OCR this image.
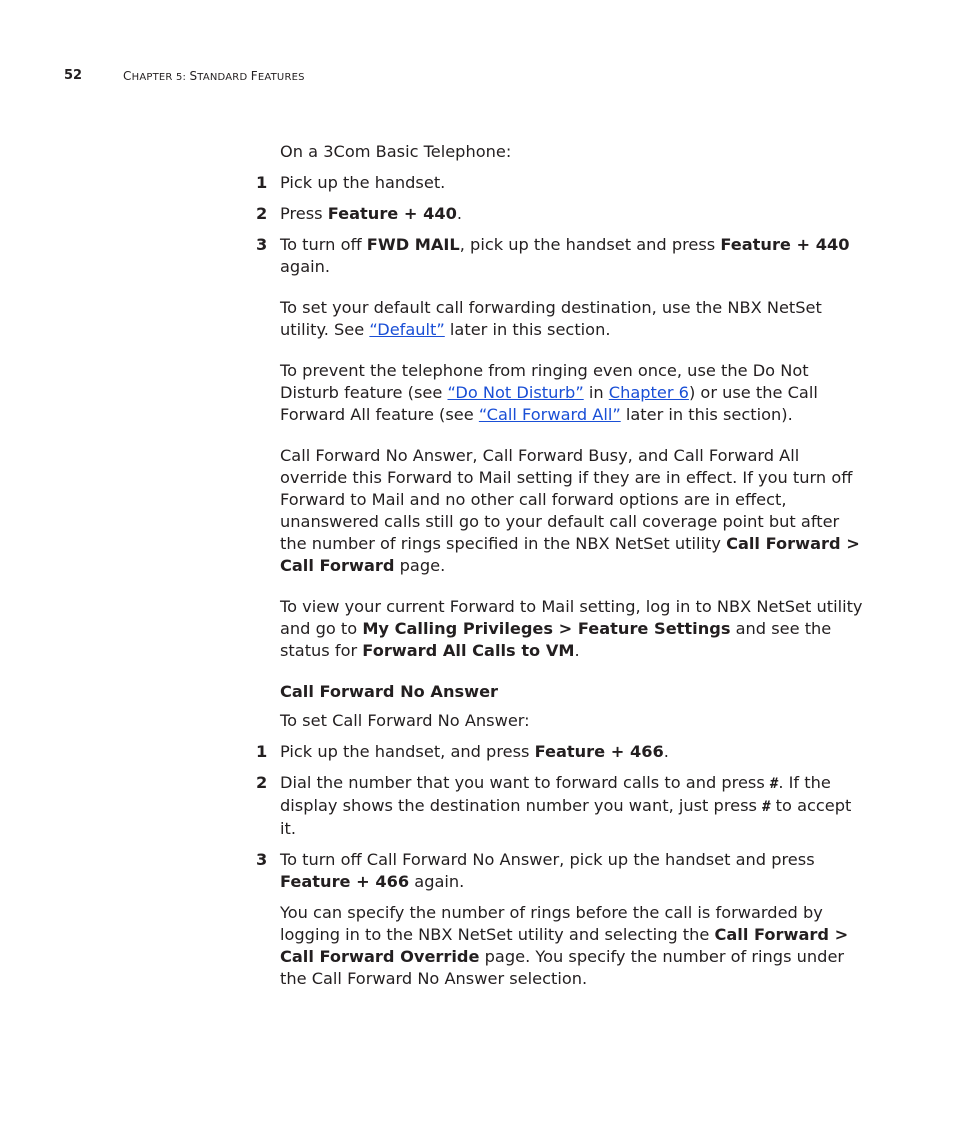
52	CHAPTER 5: STANDARD FEATURES

On a 3Com Basic Telephone:

1 Pick up the handset.

2 Press Feature + 440.

3 To turn off FWD MAIL, pick up the handset and press Feature + 440 again.

To set your default call forwarding destination, use the NBX NetSet utility. See “Default” later in this section.

To prevent the telephone from ringing even once, use the Do Not Disturb feature (see “Do Not Disturb” in Chapter 6) or use the Call Forward All feature (see “Call Forward All” later in this section).

Call Forward No Answer, Call Forward Busy, and Call Forward All override this Forward to Mail setting if they are in effect. If you turn off Forward to Mail and no other call forward options are in effect, unanswered calls still go to your default call coverage point but after the number of rings specified in the NBX NetSet utility Call Forward > Call Forward page.

To view your current Forward to Mail setting, log in to NBX NetSet utility and go to My Calling Privileges > Feature Settings and see the status for Forward All Calls to VM.

Call Forward No Answer

To set Call Forward No Answer:

1 Pick up the handset, and press Feature + 466.

2 Dial the number that you want to forward calls to and press #. If the display shows the destination number you want, just press # to accept it.

3 To turn off Call Forward No Answer, pick up the handset and press Feature + 466 again.

You can specify the number of rings before the call is forwarded by logging in to the NBX NetSet utility and selecting the Call Forward > Call Forward Override page. You specify the number of rings under the Call Forward No Answer selection.
